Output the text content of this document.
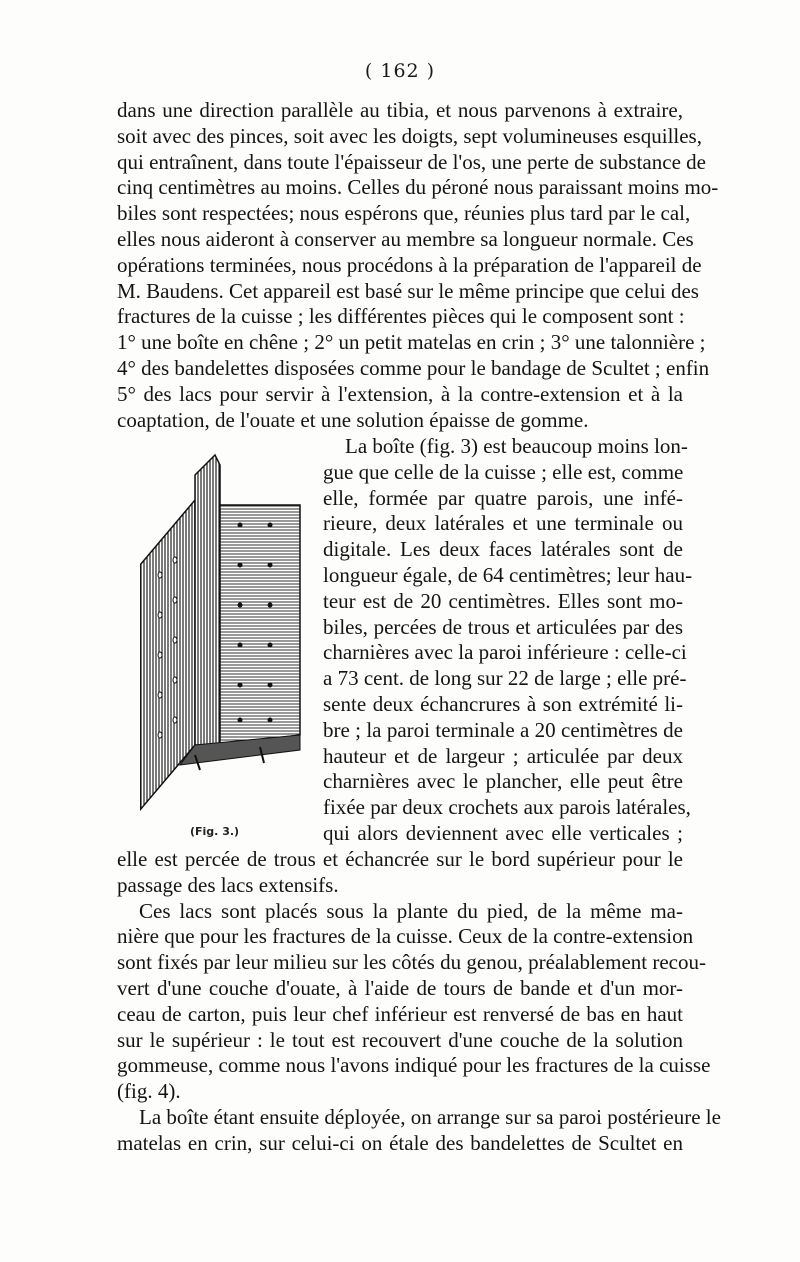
( 162 )
dans une direction parallèle au tibia, et nous parvenons à extraire,
soit avec des pinces, soit avec les doigts, sept volumineuses esquilles,
qui entraînent, dans toute l'épaisseur de l'os, une perte de substance de
cinq centimètres au moins. Celles du péroné nous paraissant moins mo-
biles sont respectées; nous espérons que, réunies plus tard par le cal,
elles nous aideront à conserver au membre sa longueur normale. Ces
opérations terminées, nous procédons à la préparation de l'appareil de
M. Baudens. Cet appareil est basé sur le même principe que celui des
fractures de la cuisse ; les différentes pièces qui le composent sont :
1° une boîte en chêne ; 2° un petit matelas en crin ; 3° une talonnière ;
4° des bandelettes disposées comme pour le bandage de Scultet ; enfin
5° des lacs pour servir à l'extension, à la contre-extension et à la
coaptation, de l'ouate et une solution épaisse de gomme.
La boîte (fig. 3) est beaucoup moins lon-
gue que celle de la cuisse ; elle est, comme
elle, formée par quatre parois, une infé-
rieure, deux latérales et une terminale ou
digitale. Les deux faces latérales sont de
longueur égale, de 64 centimètres; leur hau-
teur est de 20 centimètres. Elles sont mo-
biles, percées de trous et articulées par des
charnières avec la paroi inférieure : celle-ci
a 73 cent. de long sur 22 de large ; elle pré-
sente deux échancrures à son extrémité li-
bre ; la paroi terminale a 20 centimètres de
hauteur et de largeur ; articulée par deux
charnières avec le plancher, elle peut être
fixée par deux crochets aux parois latérales,
qui alors deviennent avec elle verticales ;
elle est percée de trous et échancrée sur le bord supérieur pour le
passage des lacs extensifs.
Ces lacs sont placés sous la plante du pied, de la même ma-
nière que pour les fractures de la cuisse. Ceux de la contre-extension
sont fixés par leur milieu sur les côtés du genou, préalablement recou-
vert d'une couche d'ouate, à l'aide de tours de bande et d'un mor-
ceau de carton, puis leur chef inférieur est renversé de bas en haut
sur le supérieur : le tout est recouvert d'une couche de la solution
gommeuse, comme nous l'avons indiqué pour les fractures de la cuisse
(fig. 4).
La boîte étant ensuite déployée, on arrange sur sa paroi postérieure le
matelas en crin, sur celui-ci on étale des bandelettes de Scultet en
(Fig. 3.)
